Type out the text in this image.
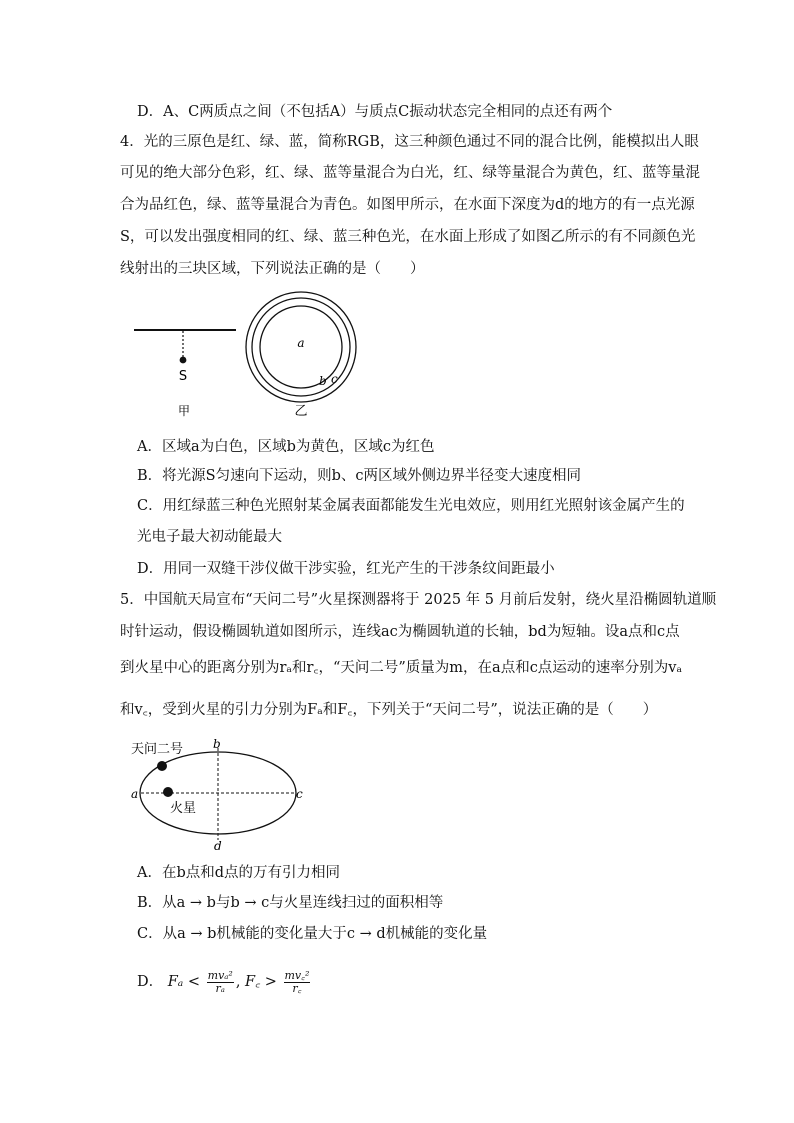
D．A、C两质点之间（不包括A）与质点C振动状态完全相同的点还有两个
4．光的三原色是红、绿、蓝，简称RGB，这三种颜色通过不同的混合比例，能模拟出人眼
可见的绝大部分色彩，红、绿、蓝等量混合为白光，红、绿等量混合为黄色，红、蓝等量混
合为品红色，绿、蓝等量混合为青色。如图甲所示，在水面下深度为d的地方的有一点光源
S，可以发出强度相同的红、绿、蓝三种色光，在水面上形成了如图乙所示的有不同颜色光
线射出的三块区域，下列说法正确的是（　　）
S
甲
a
b c
乙
A．区域a为白色，区域b为黄色，区域c为红色
B．将光源S匀速向下运动，则b、c两区域外侧边界半径变大速度相同
C．用红绿蓝三种色光照射某金属表面都能发生光电效应，则用红光照射该金属产生的
光电子最大初动能最大
D．用同一双缝干涉仪做干涉实验，红光产生的干涉条纹间距最小
5．中国航天局宣布“天问二号”火星探测器将于 2025 年 5 月前后发射，绕火星沿椭圆轨道顺
时针运动，假设椭圆轨道如图所示，连线ac为椭圆轨道的长轴，bd为短轴。设a点和c点
到火星中心的距离分别为rₐ和r꜀，“天问二号”质量为m，在a点和c点运动的速率分别为vₐ
和v꜀，受到火星的引力分别为Fₐ和F꜀，下列关于“天问二号”，说法正确的是（　　）
天问二号
火星
a
b
c
d
A．在b点和d点的万有引力相同
B．从a → b与b → c与火星连线扫过的面积相等
C．从a → b机械能的变化量大于c → d机械能的变化量
D． $F_a < \frac{\text{mvₐ²}}{\text{rₐ}}$ , F꜀ > $\frac{\text{mv꜀²}}{r꜀}$
